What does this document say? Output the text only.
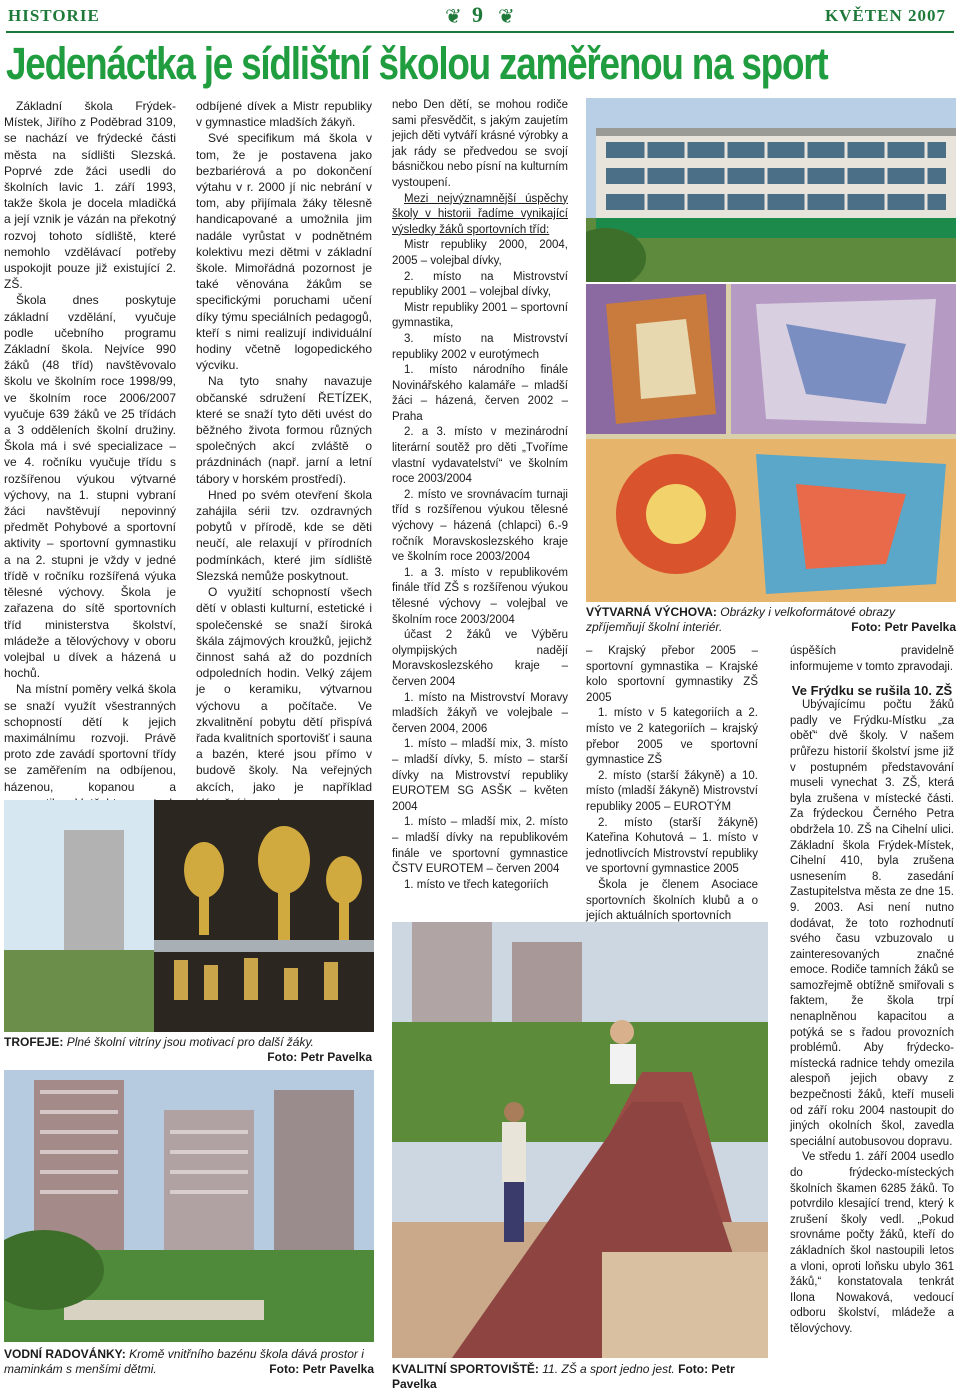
HISTORIE	❦ 9 ❦	KVĚTEN 2007
Jedenáctka je sídlištní školou zaměřenou na sport

Základní škola Frýdek-Místek, Jiřího z Poděbrad 3109, se nachází ve frýdecké části města na sídlišti Slezská. Poprvé zde žáci usedli do školních lavic 1. září 1993, takže škola je docela mladičká a její vznik je vázán na překotný rozvoj tohoto sídliště, které nemohlo vzdělávací potřeby uspokojit pouze již existující 2. ZŠ.

Škola dnes poskytuje základní vzdělání, vyučuje podle učebního programu Základní škola. Nejvíce 990 žáků (48 tříd) navštěvovalo školu ve školním roce 1998/99, ve školním roce 2006/2007 vyučuje 639 žáků ve 25 třídách a 3 odděleních školní družiny. Škola má i své specializace – ve 4. ročníku vyučuje třídu s rozšířenou výukou výtvarné výchovy, na 1. stupni vybraní žáci navštěvují nepovinný předmět Pohybové a sportovní aktivity – sportovní gymnastiku a na 2. stupni je vždy v jedné třídě v ročníku rozšířená výuka tělesné výchovy. Škola je zařazena do sítě sportovních tříd ministerstva školství, mládeže a tělovýchovy v oboru volejbal u dívek a házená u hochů.

Na místní poměry velká škola se snaží využít všestranných schopností dětí k jejich maximálnímu rozvoji. Právě proto zde zavádí sportovní třídy se zaměřením na odbíjenou, házenou, kopanou a

odbíjené dívek a Mistr republiky v gymnastice mladších žákyň.

Své specifikum má škola v tom, že je postavena jako bezbariérová a po dokončení výtahu v r. 2000 jí nic nebrání v tom, aby přijímala žáky tělesně handicapované a umožnila jim nadále vyrůstat v podnětném kolektivu mezi dětmi v základní škole. Mimořádná pozornost je také věnována žákům se specifickými poruchami učení díky týmu speciálních pedagogů, kteří s nimi realizují individuální hodiny včetně logopedického výcviku.

Na tyto snahy navazuje občanské sdružení ŘETÍZEK, které se snaží tyto děti uvést do běžného života formou různých společných akcí zvláště o prázdninách (např. jarní a letní tábory v horském prostředí).

Hned po svém otevření škola zahájila sérii tzv. ozdravných pobytů v přírodě, kde se děti neučí, ale relaxují v přírodních podmínkách, které jim sídliště Slezská nemůže poskytnout.

O využití schopností všech dětí v oblasti kulturní, estetické i společenské se snaží široká škála zájmových kroužků, jejichž činnost sahá až do pozdních odpoledních hodin. Velký zájem je o keramiku, výtvarnou výchovu a počítače. Ve zkvalitnění pobytu dětí přispívá řada kvalitních sportovišť i sauna a bazén, které jsou přímo v budově školy. Na veřejných akcích, jako je například

nebo Den dětí, se mohou rodiče sami přesvědčit, s jakým zaujetím jejich děti vytváří krásné výrobky a jak rády se předvedou se svojí básničkou nebo písní na kulturním vystoupení.

Mezi nejvýznamnější úspěchy školy v historii řadíme vynikající výsledky žáků sportovních tříd:

Mistr republiky 2000, 2004, 2005 – volejbal dívky,

2. místo na Mistrovství republiky 2001 – volejbal dívky,

Mistr republiky 2001 – sportovní gymnastika,

3. místo na Mistrovství republiky 2002 v eurotýmech

1. místo národního finále Novinářského kalamáře – mladší žáci – házená, červen 2002 – Praha

2. a 3. místo v mezinárodní literární soutěž pro děti „Tvoříme vlastní vydavatelství“ ve školním roce 2003/2004

2. místo ve srovnávacím turnaji tříd s rozšířenou výukou tělesné výchovy – házená (chlapci) 6.-9 ročník Moravskoslezského kraje ve školním roce 2003/2004

1. a 3. místo v republikovém finále tříd ZŠ s rozšířenou výukou tělesné výchovy – volejbal ve školním roce 2003/2004

účast 2 žáků ve Výběru olympijských nadějí Moravskoslezského kraje – červen 2004

1. místo na Mistrovství Moravy mladších žákyň ve volejbale – červen 2004, 2006

1. místo – mladší mix, 3. místo – mladší dívky, 5. místo – starší dívky na Mistrovství republiky EUROTEM SG ASŠK – květen 2004

1. místo – mladší mix, 2. místo – mladší dívky na republikovém finále ve sportovní gymnastice ČSTV EUROTEM – červen 2004

1. místo ve třech kategoriích

– Krajský přebor 2005 – sportovní gymnastika – Krajské kolo sportovní gymnastiky ZŠ 2005

1. místo v 5 kategoriích a 2. místo ve 2 kategoriích – krajský přebor 2005 ve sportovní gymnastice ZŠ

2. místo (starší žákyně) a 10. místo (mladší žákyně) Mistrovství republiky 2005 – EUROTÝM

2. místo (starší žákyně) Kateřina Kohutová – 1. místo v jednotlivcích Mistrovství republiky ve sportovní gymnastice 2005

Škola je členem Asociace sportovních školních klubů a o jejích aktuálních sportovních

úspěších pravidelně informujeme v tomto zpravodaji.

Ve Frýdku se rušila 10. ZŠ

Ubývajícímu počtu žáků padly ve Frýdku-Místku „za oběť“ dvě školy. V našem průřezu historií školství jsme již v postupném představování museli vynechat 3. ZŠ, která byla zrušena v místecké části. Za frýdeckou Černého Petra obdržela 10. ZŠ na Cihelní ulici. Základní škola Frýdek-Místek, Cihelní 410, byla zrušena usnesením 8. zasedání Zastupitelstva města ze dne 15. 9. 2003. Asi není nutno dodávat, že toto rozhodnutí svého času vzbuzovalo u zainteresovaných značné emoce. Rodiče tamních žáků se samozřejmě obtížně smiřovali s faktem, že škola trpí nenaplněnou kapacitou a potýká se s řadou provozních problémů. Aby frýdecko-místecká radnice tehdy omezila alespoň jejich obavy z bezpečnosti žáků, kteří museli od září roku 2004 nastoupit do jiných okolních škol, zavedla speciální autobusovou dopravu.

Ve středu 1. září 2004 usedlo do frýdecko-místeckých školních škamen 6285 žáků. To potvrdilo klesající trend, který k zrušení školy vedl. „Pokud srovnáme počty žáků, kteří do základních škol nastoupili letos a vloni, oproti loňsku ubylo 361 žáků,“ konstatovala tenkrát Ilona Nowaková, vedoucí odboru školství, mládeže a tělovýchovy.

VÝTVARNÁ VÝCHOVA: Obrázky i velkoformátové obrazy zpříjemňují školní interiér.	Foto: Petr Pavelka
TROFEJE: Plné školní vitríny jsou motivací pro další žáky.
Foto: Petr Pavelka
VODNÍ RADOVÁNKY: Kromě vnitřního bazénu škola dává prostor i maminkám s menšími dětmi.	Foto: Petr Pavelka KVALITNÍ SPORTOVIŠTĚ: 11. ZŠ a sport jedno jest. Foto: Petr Pavelka
